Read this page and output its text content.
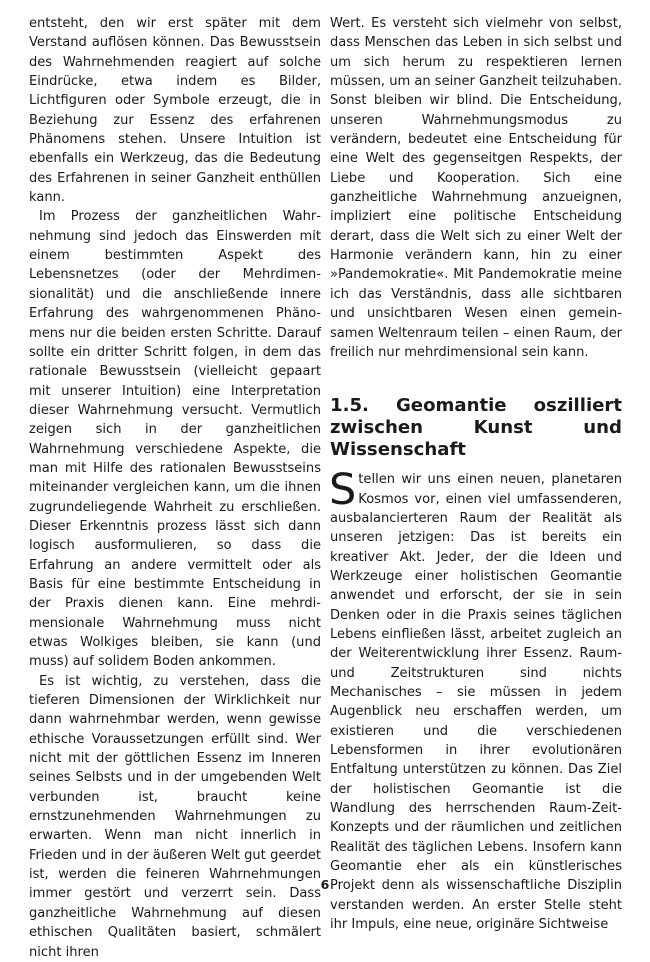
entsteht, den wir erst später mit dem Verstand auflösen können. Das Bewusstsein des Wahrnehmenden reagiert auf solche Eindrücke, etwa indem es Bilder, Lichtfiguren oder Symbole erzeugt, die in Beziehung zur Essenz des erfahrenen Phänomens stehen. Unsere Intuition ist ebenfalls ein Werkzeug, das die Bedeutung des Erfahrenen in seiner Ganzheit enthüllen kann.

Im Prozess der ganzheitlichen Wahrnehmung sind jedoch das Einswerden mit einem bestimmten Aspekt des Lebensnetzes (oder der Mehrdimensionalität) und die anschließende innere Erfahrung des wahrgenommenen Phänomens nur die beiden ersten Schritte. Darauf sollte ein dritter Schritt folgen, in dem das rationale Bewusstsein (vielleicht gepaart mit unserer Intuition) eine Interpretation dieser Wahrnehmung versucht. Vermutlich zeigen sich in der ganzheitlichen Wahrnehmung verschiedene Aspekte, die man mit Hilfe des rationalen Bewusstseins miteinander vergleichen kann, um die ihnen zugrundeliegende Wahrheit zu erschließen. Dieser Erkenntnis prozess lässt sich dann logisch ausformulieren, so dass die Erfahrung an andere vermittelt oder als Basis für eine bestimmte Entscheidung in der Praxis dienen kann. Eine mehrdimensionale Wahrnehmung muss nicht etwas Wolkiges bleiben, sie kann (und muss) auf solidem Boden ankommen.

Es ist wichtig, zu verstehen, dass die tieferen Dimensionen der Wirklichkeit nur dann wahrnehmbar werden, wenn gewisse ethische Voraussetzungen erfüllt sind. Wer nicht mit der göttlichen Essenz im Inneren seines Selbsts und in der umgebenden Welt verbunden ist, braucht keine ernstzunehmenden Wahrnehmungen zu erwarten. Wenn man nicht innerlich in Frieden und in der äußeren Welt gut geerdet ist, werden die feineren Wahrnehmungen immer gestört und verzerrt sein. Dass ganzheitliche Wahrnehmung auf diesen ethischen Qualitäten basiert, schmälert nicht ihren

Wert. Es versteht sich vielmehr von selbst, dass Menschen das Leben in sich selbst und um sich herum zu respektieren lernen müssen, um an seiner Ganzheit teilzuhaben. Sonst bleiben wir blind. Die Entscheidung, unseren Wahrnehmungsmodus zu verändern, bedeutet eine Entscheidung für eine Welt des gegenseitgen Respekts, der Liebe und Kooperation. Sich eine ganzheitliche Wahrnehmung anzueignen, impliziert eine politische Entscheidung derart, dass die Welt sich zu einer Welt der Harmonie verändern kann, hin zu einer »Pandemokratie«. Mit Pandemokratie meine ich das Verständnis, dass alle sichtbaren und unsichtbaren Wesen einen gemeinsamen Weltenraum teilen – einen Raum, der freilich nur mehrdimensional sein kann.

1.5. Geomantie oszilliert zwischen Kunst und Wissenschaft
S tellen wir uns einen neuen, planetaren Kosmos vor, einen viel umfassenderen, ausbalancierteren Raum der Realität als unseren jetzigen: Das ist bereits ein kreativer Akt. Jeder, der die Ideen und Werkzeuge einer holistischen Geomantie anwendet und erforscht, der sie in sein Denken oder in die Praxis seines täglichen Lebens einfließen lässt, arbeitet zugleich an der Weiterentwicklung ihrer Essenz. Raum- und Zeitstrukturen sind nichts Mechanisches – sie müssen in jedem Augenblick neu erschaffen werden, um existieren und die verschiedenen Lebensformen in ihrer evolutionären Entfaltung unterstützen zu können. Das Ziel der holistischen Geomantie ist die Wandlung des herrschenden Raum-Zeit-Konzepts und der räumlichen und zeitlichen Realität des täglichen Lebens. Insofern kann Geomantie eher als ein künstlerisches Projekt denn als wissenschaftliche Disziplin verstanden werden. An erster Stelle steht ihr Impuls, eine neue, originäre Sichtweise

6
